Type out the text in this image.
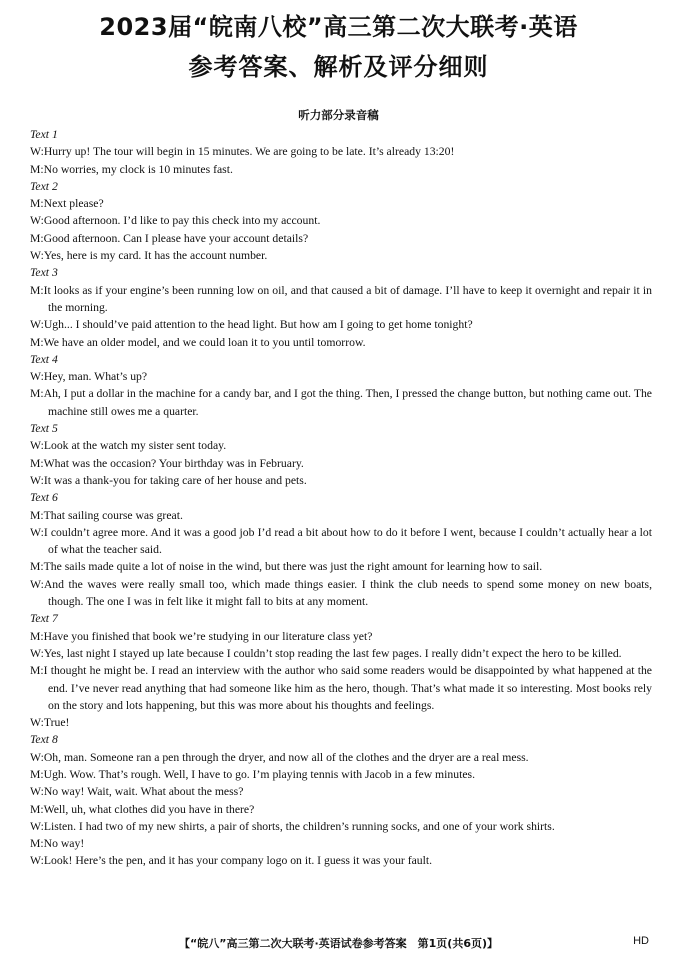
2023届“皖南八校”高三第二次大联考·英语
参考答案、解析及评分细则
听力部分录音稿
Text 1
W:Hurry up! The tour will begin in 15 minutes. We are going to be late. It’s already 13:20!
M:No worries, my clock is 10 minutes fast.
Text 2
M:Next please?
W:Good afternoon. I’d like to pay this check into my account.
M:Good afternoon. Can I please have your account details?
W:Yes, here is my card. It has the account number.
Text 3
M:It looks as if your engine’s been running low on oil, and that caused a bit of damage. I’ll have to keep it overnight and repair it in the morning.
W:Ugh... I should’ve paid attention to the head light. But how am I going to get home tonight?
M:We have an older model, and we could loan it to you until tomorrow.
Text 4
W:Hey, man. What’s up?
M:Ah, I put a dollar in the machine for a candy bar, and I got the thing. Then, I pressed the change button, but nothing came out. The machine still owes me a quarter.
Text 5
W:Look at the watch my sister sent today.
M:What was the occasion? Your birthday was in February.
W:It was a thank-you for taking care of her house and pets.
Text 6
M:That sailing course was great.
W:I couldn’t agree more. And it was a good job I’d read a bit about how to do it before I went, because I couldn’t actually hear a lot of what the teacher said.
M:The sails made quite a lot of noise in the wind, but there was just the right amount for learning how to sail.
W:And the waves were really small too, which made things easier. I think the club needs to spend some money on new boats, though. The one I was in felt like it might fall to bits at any moment.
Text 7
M:Have you finished that book we’re studying in our literature class yet?
W:Yes, last night I stayed up late because I couldn’t stop reading the last few pages. I really didn’t expect the hero to be killed.
M:I thought he might be. I read an interview with the author who said some readers would be disappointed by what happened at the end. I’ve never read anything that had someone like him as the hero, though. That’s what made it so interesting. Most books rely on the story and lots happening, but this was more about his thoughts and feelings.
W:True!
Text 8
W:Oh, man. Someone ran a pen through the dryer, and now all of the clothes and the dryer are a real mess.
M:Ugh. Wow. That’s rough. Well, I have to go. I’m playing tennis with Jacob in a few minutes.
W:No way! Wait, wait. What about the mess?
M:Well, uh, what clothes did you have in there?
W:Listen. I had two of my new shirts, a pair of shorts, the children’s running socks, and one of your work shirts.
M:No way!
W:Look! Here’s the pen, and it has your company logo on it. I guess it was your fault.
【“皖八”高三第二次大联考·英语试卷参考答案　第1页(共6页)】	HD
